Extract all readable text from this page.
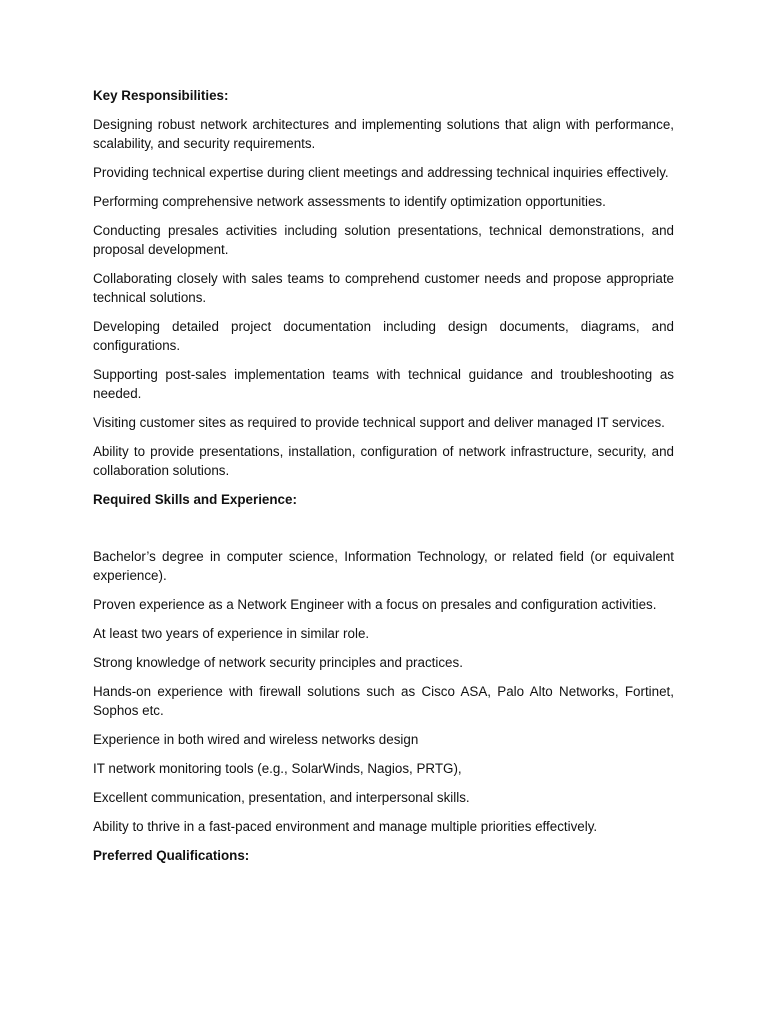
Key Responsibilities:
Designing robust network architectures and implementing solutions that align with performance, scalability, and security requirements.
Providing technical expertise during client meetings and addressing technical inquiries effectively.
Performing comprehensive network assessments to identify optimization opportunities.
Conducting presales activities including solution presentations, technical demonstrations, and proposal development.
Collaborating closely with sales teams to comprehend customer needs and propose appropriate technical solutions.
Developing detailed project documentation including design documents, diagrams, and configurations.
Supporting post-sales implementation teams with technical guidance and troubleshooting as needed.
Visiting customer sites as required to provide technical support and deliver managed IT services.
Ability to provide presentations, installation, configuration of network infrastructure, security, and collaboration solutions.
Required Skills and Experience:
Bachelor’s degree in computer science, Information Technology, or related field (or equivalent experience).
Proven experience as a Network Engineer with a focus on presales and configuration activities.
At least two years of experience in similar role.
Strong knowledge of network security principles and practices.
Hands-on experience with firewall solutions such as Cisco ASA, Palo Alto Networks, Fortinet, Sophos etc.
Experience in both wired and wireless networks design
IT network monitoring tools (e.g., SolarWinds, Nagios, PRTG),
Excellent communication, presentation, and interpersonal skills.
Ability to thrive in a fast-paced environment and manage multiple priorities effectively.
Preferred Qualifications:
